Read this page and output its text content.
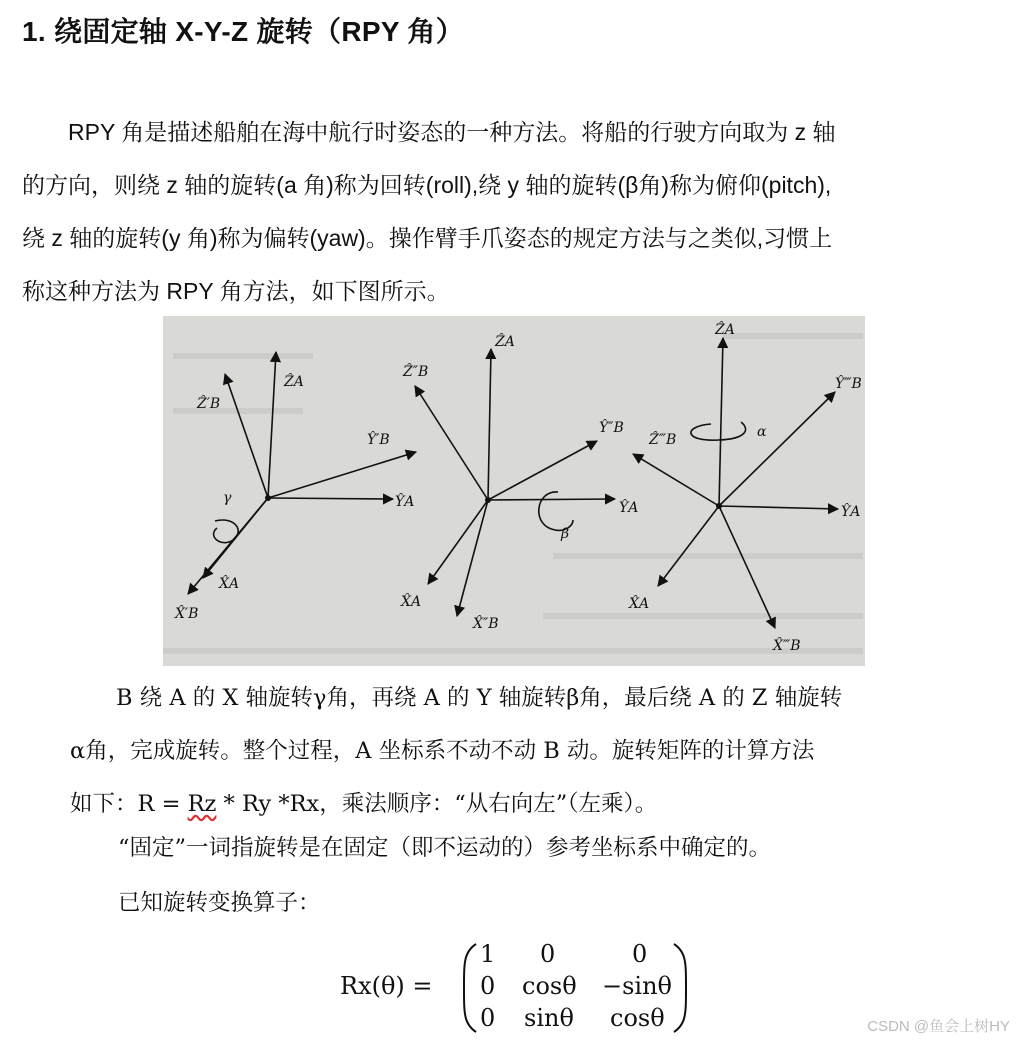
1. 绕固定轴 X-Y-Z 旋转（RPY 角）
RPY 角是描述船舶在海中航行时姿态的一种方法。将船的行驶方向取为 z 轴
的方向，则绕 z 轴的旋转(a 角)称为回转(roll),绕 y 轴的旋转(β角)称为俯仰(pitch),
绕 z 轴的旋转(y 角)称为偏转(yaw)。操作臂手爪姿态的规定方法与之类似,习惯上
称这种方法为 RPY 角方法，如下图所示。
ẐA
Ẑ′B
Ŷ′B
ŶA
X̂A
X̂′B
γ
ẐA
Ẑ″B
Ŷ″B
ŶA
X̂A
X̂″B
β
ẐA
Ŷ‴B
ŶA
Ẑ‴B
X̂A
X̂‴B
α
B 绕 A 的 X 轴旋转γ角，再绕 A 的 Y 轴旋转β角，最后绕 A 的 Z 轴旋转
α角，完成旋转。整个过程，A 坐标系不动不动 B 动。旋转矩阵的计算方法
如下：R = Rz * Ry *Rx，乘法顺序：“从右向左”（左乘）。
“固定”一词指旋转是在固定（即不运动的）参考坐标系中确定的。
已知旋转变换算子：
Rx(θ) =
1 0	0
0 cosθ −sinθ
0 sinθ cosθ	CSDN @鱼会上树HY
